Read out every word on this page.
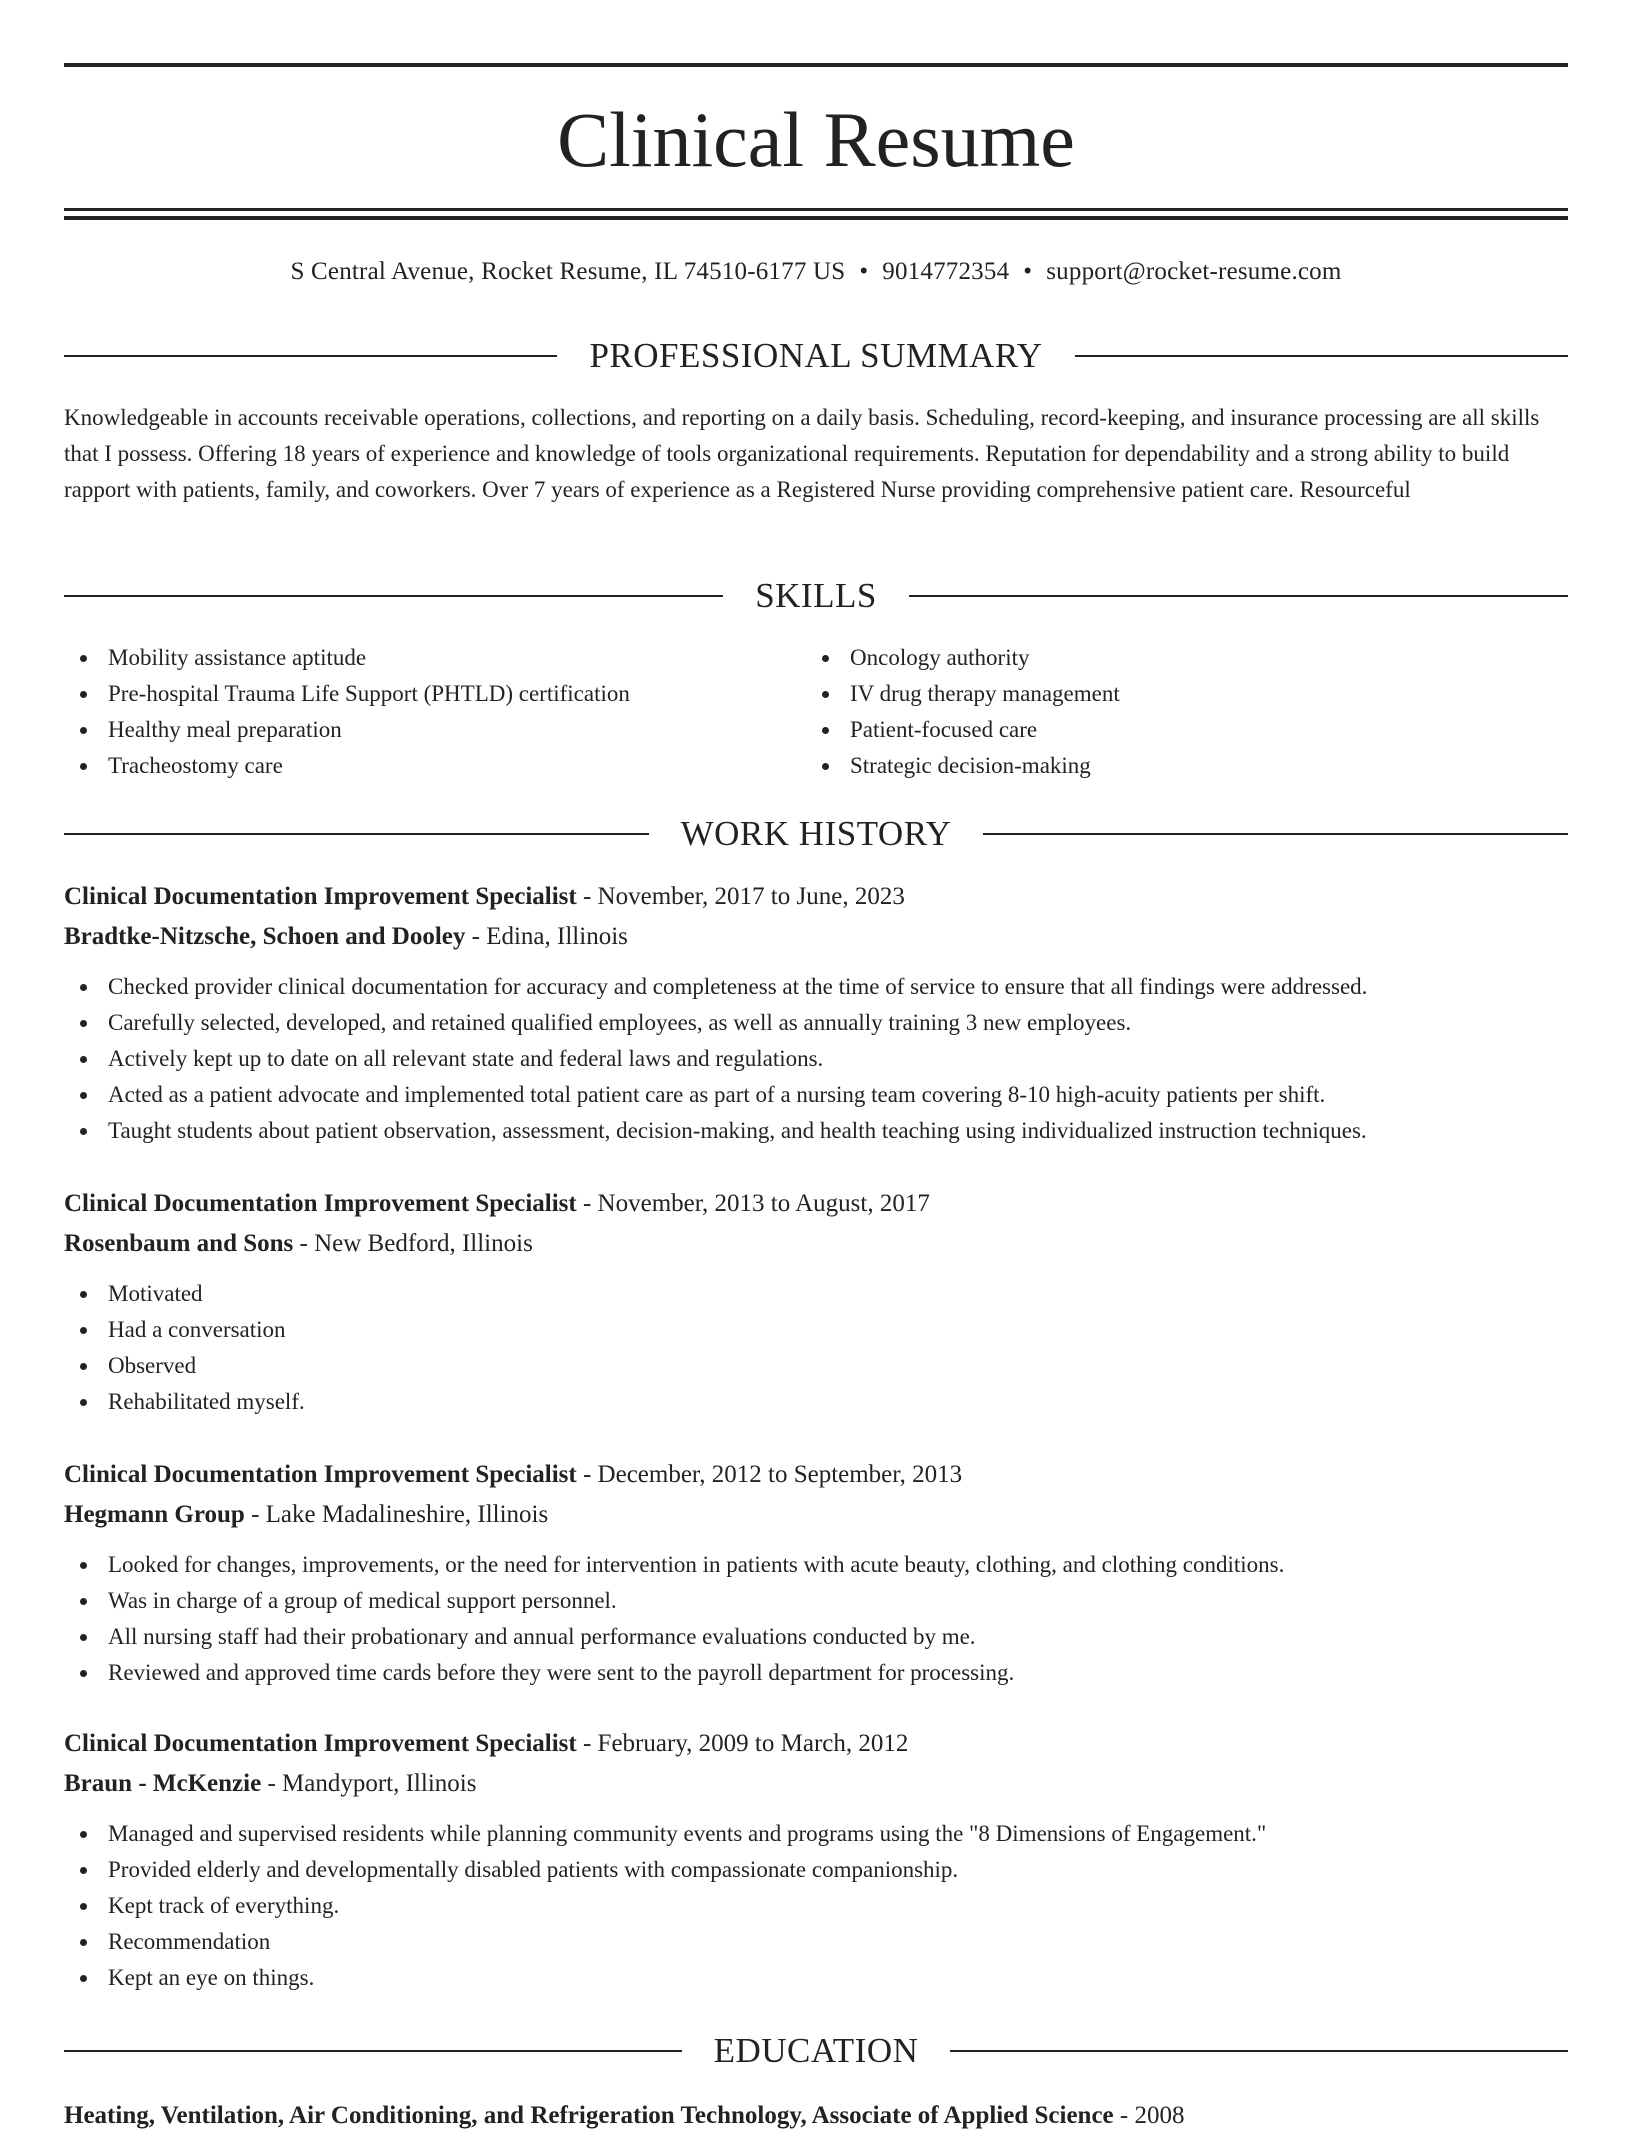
Clinical Resume
S Central Avenue, Rocket Resume, IL 74510-6177 US • 9014772354 • support@rocket-resume.com
PROFESSIONAL SUMMARY

Knowledgeable in accounts receivable operations, collections, and reporting on a daily basis. Scheduling, record-keeping, and insurance processing are all skills that I possess. Offering 18 years of experience and knowledge of tools organizational requirements. Reputation for dependability and a strong ability to build rapport with patients, family, and coworkers. Over 7 years of experience as a Registered Nurse providing comprehensive patient care. Resourceful

SKILLS
Mobility assistance aptitude
Pre-hospital Trauma Life Support (PHTLD) certification
Healthy meal preparation
Tracheostomy care
Oncology authority
IV drug therapy management
Patient-focused care
Strategic decision-making
WORK HISTORY
Clinical Documentation Improvement Specialist - November, 2017 to June, 2023
Bradtke-Nitzsche, Schoen and Dooley - Edina, Illinois
Checked provider clinical documentation for accuracy and completeness at the time of service to ensure that all findings were addressed.
Carefully selected, developed, and retained qualified employees, as well as annually training 3 new employees.
Actively kept up to date on all relevant state and federal laws and regulations.
Acted as a patient advocate and implemented total patient care as part of a nursing team covering 8-10 high-acuity patients per shift.
Taught students about patient observation, assessment, decision-making, and health teaching using individualized instruction techniques.
Clinical Documentation Improvement Specialist - November, 2013 to August, 2017
Rosenbaum and Sons - New Bedford, Illinois
Motivated
Had a conversation
Observed
Rehabilitated myself.
Clinical Documentation Improvement Specialist - December, 2012 to September, 2013
Hegmann Group - Lake Madalineshire, Illinois
Looked for changes, improvements, or the need for intervention in patients with acute beauty, clothing, and clothing conditions.
Was in charge of a group of medical support personnel.
All nursing staff had their probationary and annual performance evaluations conducted by me.
Reviewed and approved time cards before they were sent to the payroll department for processing.
Clinical Documentation Improvement Specialist - February, 2009 to March, 2012
Braun - McKenzie - Mandyport, Illinois
Managed and supervised residents while planning community events and programs using the "8 Dimensions of Engagement."
Provided elderly and developmentally disabled patients with compassionate companionship.
Kept track of everything.
Recommendation
Kept an eye on things.
EDUCATION
Heating, Ventilation, Air Conditioning, and Refrigeration Technology, Associate of Applied Science - 2008
